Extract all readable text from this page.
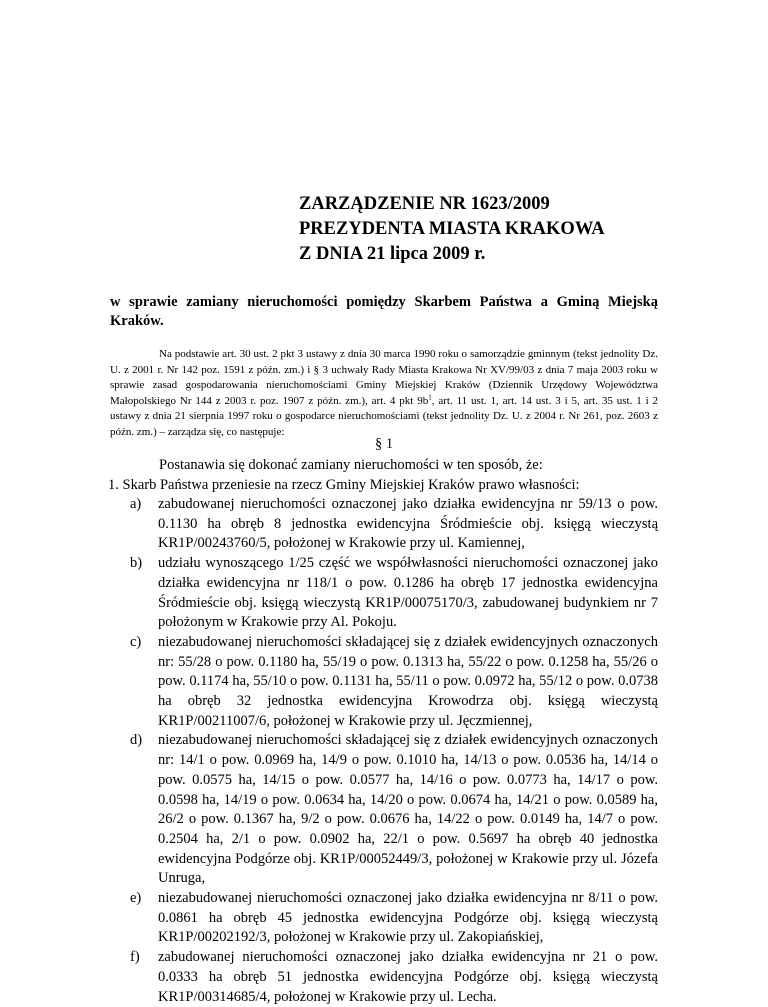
ZARZĄDZENIE NR 1623/2009
PREZYDENTA MIASTA KRAKOWA
Z DNIA 21 lipca 2009 r.
w sprawie zamiany nieruchomości pomiędzy Skarbem Państwa a Gminą Miejską Kraków.
Na podstawie art. 30 ust. 2 pkt 3 ustawy z dnia 30 marca 1990 roku o samorządzie gminnym (tekst jednolity Dz. U. z 2001 r. Nr 142 poz. 1591 z późn. zm.) i § 3 uchwały Rady Miasta Krakowa Nr XV/99/03 z dnia 7 maja 2003 roku w sprawie zasad gospodarowania nieruchomościami Gminy Miejskiej Kraków (Dziennik Urzędowy Województwa Małopolskiego Nr 144 z 2003 r. poz. 1907 z późn. zm.), art. 4 pkt $9b^1$, art. 11 ust. 1, art. 14 ust. 3 i 5, art. 35 ust. 1 i 2 ustawy z dnia 21 sierpnia 1997 roku o gospodarce nieruchomościami (tekst jednolity Dz. U. z 2004 r. Nr 261, poz. 2603 z późn. zm.) – zarządza się, co następuje:
§ 1
Postanawia się dokonać zamiany nieruchomości w ten sposób, że:
1. Skarb Państwa przeniesie na rzecz Gminy Miejskiej Kraków prawo własności:
a) zabudowanej nieruchomości oznaczonej jako działka ewidencyjna nr 59/13 o pow. 0.1130 ha obręb 8 jednostka ewidencyjna Śródmieście obj. księgą wieczystą KR1P/00243760/5, położonej w Krakowie przy ul. Kamiennej,
b) udziału wynoszącego 1/25 część we współwłasności nieruchomości oznaczonej jako działka ewidencyjna nr 118/1 o pow. 0.1286 ha obręb 17 jednostka ewidencyjna Śródmieście obj. księgą wieczystą KR1P/00075170/3, zabudowanej budynkiem nr 7 położonym w Krakowie przy Al. Pokoju.
c) niezabudowanej nieruchomości składającej się z działek ewidencyjnych oznaczonych nr: 55/28 o pow. 0.1180 ha, 55/19 o pow. 0.1313 ha, 55/22 o pow. 0.1258 ha, 55/26 o pow. 0.1174 ha, 55/10 o pow. 0.1131 ha, 55/11 o pow. 0.0972 ha, 55/12 o pow. 0.0738 ha obręb 32 jednostka ewidencyjna Krowodrza obj. księgą wieczystą KR1P/00211007/6, położonej w Krakowie przy ul. Jęczmiennej,
d) niezabudowanej nieruchomości składającej się z działek ewidencyjnych oznaczonych nr: 14/1 o pow. 0.0969 ha, 14/9 o pow. 0.1010 ha, 14/13 o pow. 0.0536 ha, 14/14 o pow. 0.0575 ha, 14/15 o pow. 0.0577 ha, 14/16 o pow. 0.0773 ha, 14/17 o pow. 0.0598 ha, 14/19 o pow. 0.0634 ha, 14/20 o pow. 0.0674 ha, 14/21 o pow. 0.0589 ha, 26/2 o pow. 0.1367 ha, 9/2 o pow. 0.0676 ha, 14/22 o pow. 0.0149 ha, 14/7 o pow. 0.2504 ha, 2/1 o pow. 0.0902 ha, 22/1 o pow. 0.5697 ha obręb 40 jednostka ewidencyjna Podgórze obj. KR1P/00052449/3, położonej w Krakowie przy ul. Józefa Unruga,
e) niezabudowanej nieruchomości oznaczonej jako działka ewidencyjna nr 8/11 o pow. 0.0861 ha obręb 45 jednostka ewidencyjna Podgórze obj. księgą wieczystą KR1P/00202192/3, położonej w Krakowie przy ul. Zakopiańskiej,
f) zabudowanej nieruchomości oznaczonej jako działka ewidencyjna nr 21 o pow. 0.0333 ha obręb 51 jednostka ewidencyjna Podgórze obj. księgą wieczystą KR1P/00314685/4, położonej w Krakowie przy ul. Lecha.
